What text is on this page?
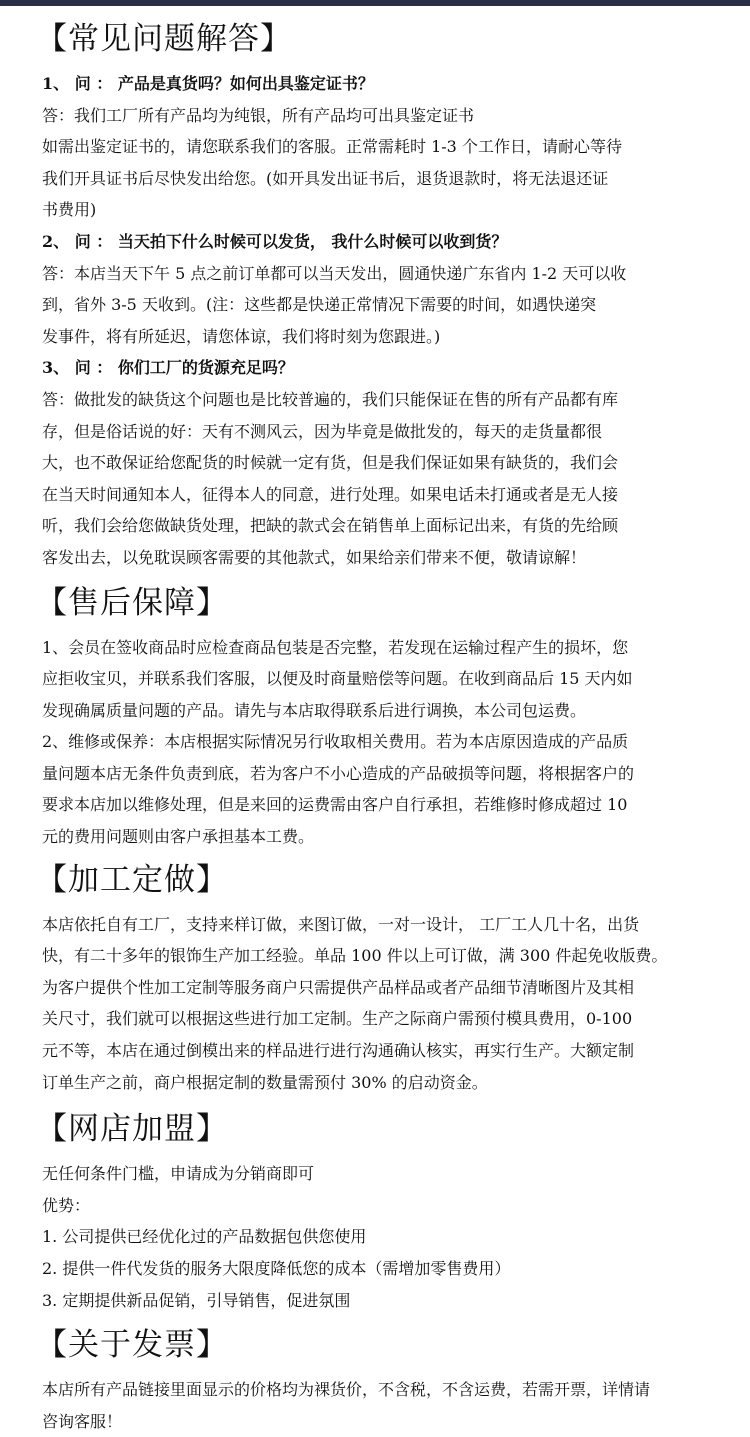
【常见问题解答】
1、 问 ： 产品是真货吗？如何出具鉴定证书？
答：我们工厂所有产品均为纯银，所有产品均可出具鉴定证书
如需出鉴定证书的，请您联系我们的客服。正常需耗时 1-3 个工作日，请耐心等待
我们开具证书后尽快发出给您。(如开具发出证书后，退货退款时，将无法退还证
书费用)
2、 问 ： 当天拍下什么时候可以发货， 我什么时候可以收到货？
答：本店当天下午 5 点之前订单都可以当天发出，圆通快递广东省内 1-2 天可以收
到，省外 3-5 天收到。(注：这些都是快递正常情况下需要的时间，如遇快递突
发事件，将有所延迟，请您体谅，我们将时刻为您跟进。)
3、 问 ： 你们工厂的货源充足吗？
答：做批发的缺货这个问题也是比较普遍的，我们只能保证在售的所有产品都有库
存，但是俗话说的好：天有不测风云，因为毕竟是做批发的，每天的走货量都很
大，也不敢保证给您配货的时候就一定有货，但是我们保证如果有缺货的，我们会
在当天时间通知本人，征得本人的同意，进行处理。如果电话未打通或者是无人接
听，我们会给您做缺货处理，把缺的款式会在销售单上面标记出来，有货的先给顾
客发出去，以免耽误顾客需要的其他款式，如果给亲们带来不便，敬请谅解！
【售后保障】
1、会员在签收商品时应检查商品包装是否完整，若发现在运输过程产生的损坏，您
应拒收宝贝，并联系我们客服，以便及时商量赔偿等问题。在收到商品后 15 天内如
发现确属质量问题的产品。请先与本店取得联系后进行调换，本公司包运费。
2、维修或保养：本店根据实际情况另行收取相关费用。若为本店原因造成的产品质
量问题本店无条件负责到底，若为客户不小心造成的产品破损等问题，将根据客户的
要求本店加以维修处理，但是来回的运费需由客户自行承担，若维修时修成超过 10
元的费用问题则由客户承担基本工费。
【加工定做】
本店依托自有工厂，支持来样订做，来图订做，一对一设计， 工厂工人几十名，出货
快，有二十多年的银饰生产加工经验。单品 100 件以上可订做，满 300 件起免收版费。
为客户提供个性加工定制等服务商户只需提供产品样品或者产品细节清晰图片及其相
关尺寸，我们就可以根据这些进行加工定制。生产之际商户需预付模具费用，0-100
元不等，本店在通过倒模出来的样品进行进行沟通确认核实，再实行生产。大额定制
订单生产之前，商户根据定制的数量需预付 30% 的启动资金。
【网店加盟】
无任何条件门槛，申请成为分销商即可
优势：
1. 公司提供已经优化过的产品数据包供您使用
2. 提供一件代发货的服务大限度降低您的成本（需增加零售费用）
3. 定期提供新品促销，引导销售，促进氛围
【关于发票】
本店所有产品链接里面显示的价格均为裸货价，不含税，不含运费，若需开票，详情请
咨询客服！
